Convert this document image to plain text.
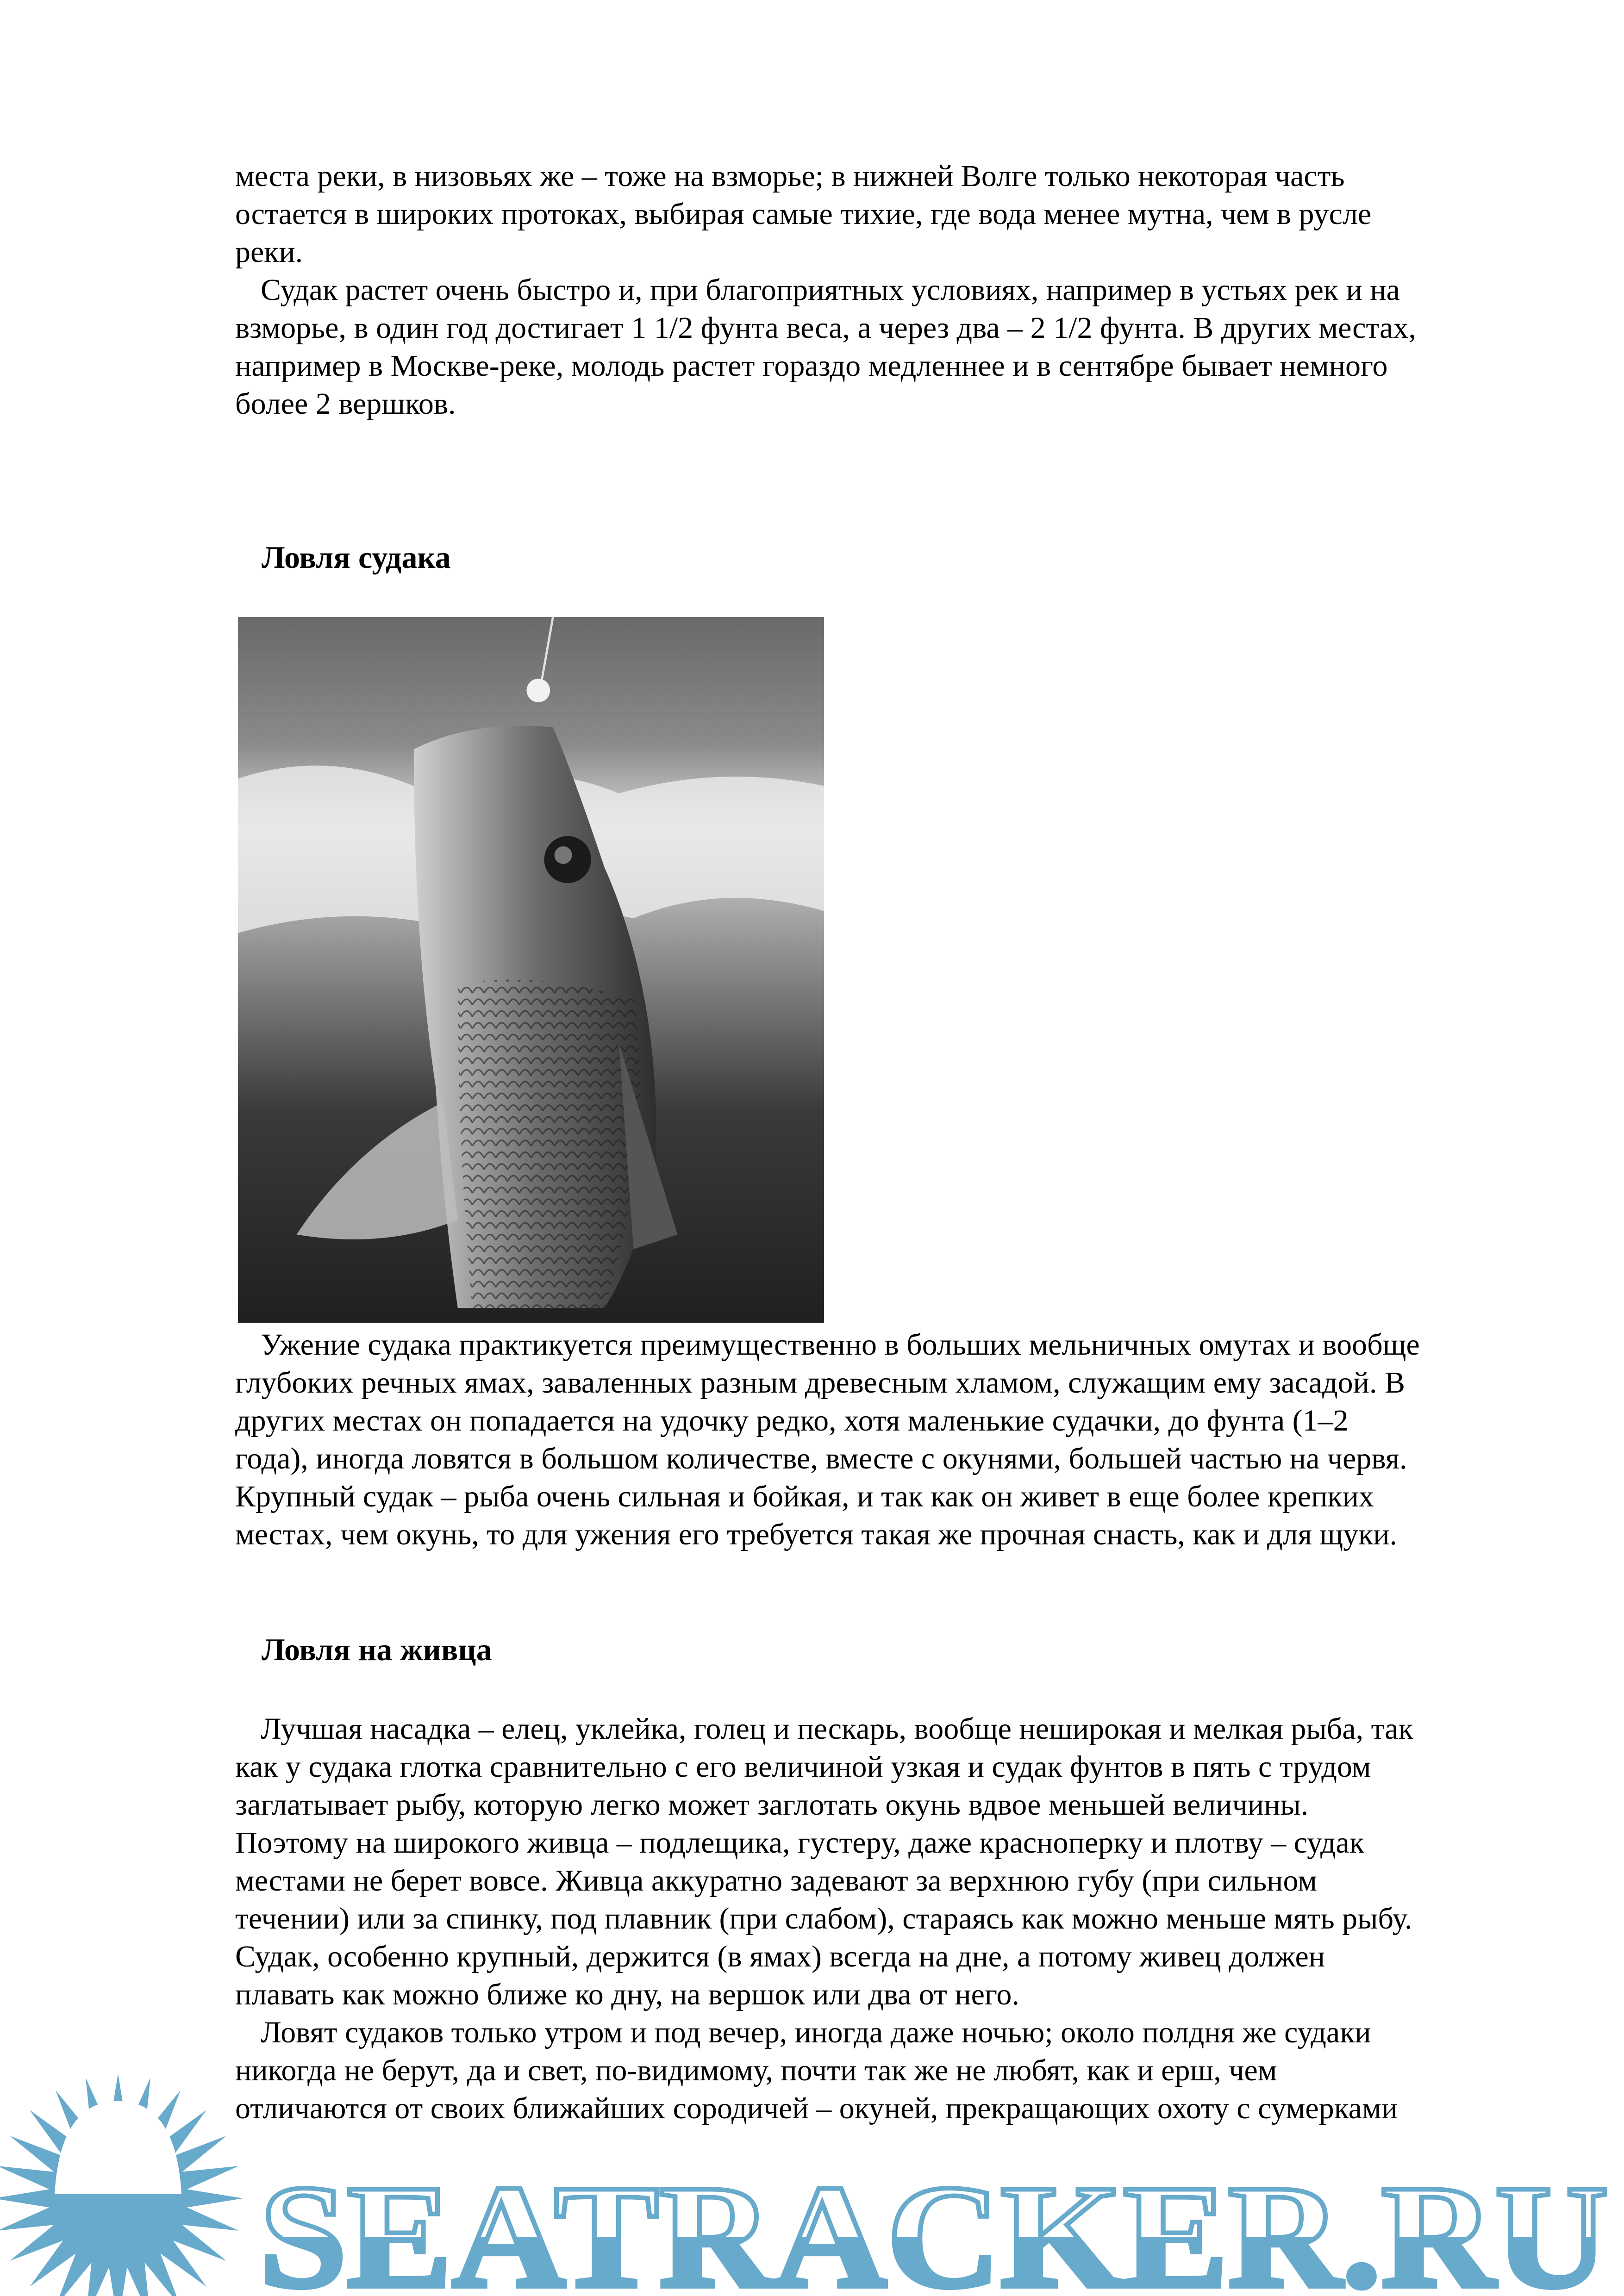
места реки, в низовьях же – тоже на взморье; в нижней Волге только некоторая часть
остается в широких протоках, выбирая самые тихие, где вода менее мутна, чем в русле
реки.
Судак растет очень быстро и, при благоприятных условиях, например в устьях рек и на
взморье, в один год достигает 1 1/2 фунта веса, а через два – 2 1/2 фунта. В других местах,
например в Москве-реке, молодь растет гораздо медленнее и в сентябре бывает немного
более 2 вершков.
Ловля судака
Ужение судака практикуется преимущественно в больших мельничных омутах и вообще
глубоких речных ямах, заваленных разным древесным хламом, служащим ему засадой. В
других местах он попадается на удочку редко, хотя маленькие судачки, до фунта (1–2
года), иногда ловятся в большом количестве, вместе с окунями, большей частью на червя.
Крупный судак – рыба очень сильная и бойкая, и так как он живет в еще более крепких
местах, чем окунь, то для ужения его требуется такая же прочная снасть, как и для щуки.
Ловля на живца
Лучшая насадка – елец, уклейка, голец и пескарь, вообще неширокая и мелкая рыба, так
как у судака глотка сравнительно с его величиной узкая и судак фунтов в пять с трудом
заглатывает рыбу, которую легко может заглотать окунь вдвое меньшей величины.
Поэтому на широкого живца – подлещика, густеру, даже красноперку и плотву – судак
местами не берет вовсе. Живца аккуратно задевают за верхнюю губу (при сильном
течении) или за спинку, под плавник (при слабом), стараясь как можно меньше мять рыбу.
Судак, особенно крупный, держится (в ямах) всегда на дне, а потому живец должен
плавать как можно ближе ко дну, на вершок или два от него.
Ловят судаков только утром и под вечер, иногда даже ночью; около полдня же судаки
никогда не берут, да и свет, по-видимому, почти так же не любят, как и ерш, чем
отличаются от своих ближайших сородичей – окуней, прекращающих охоту с сумерками
SEATRACKER.RU
